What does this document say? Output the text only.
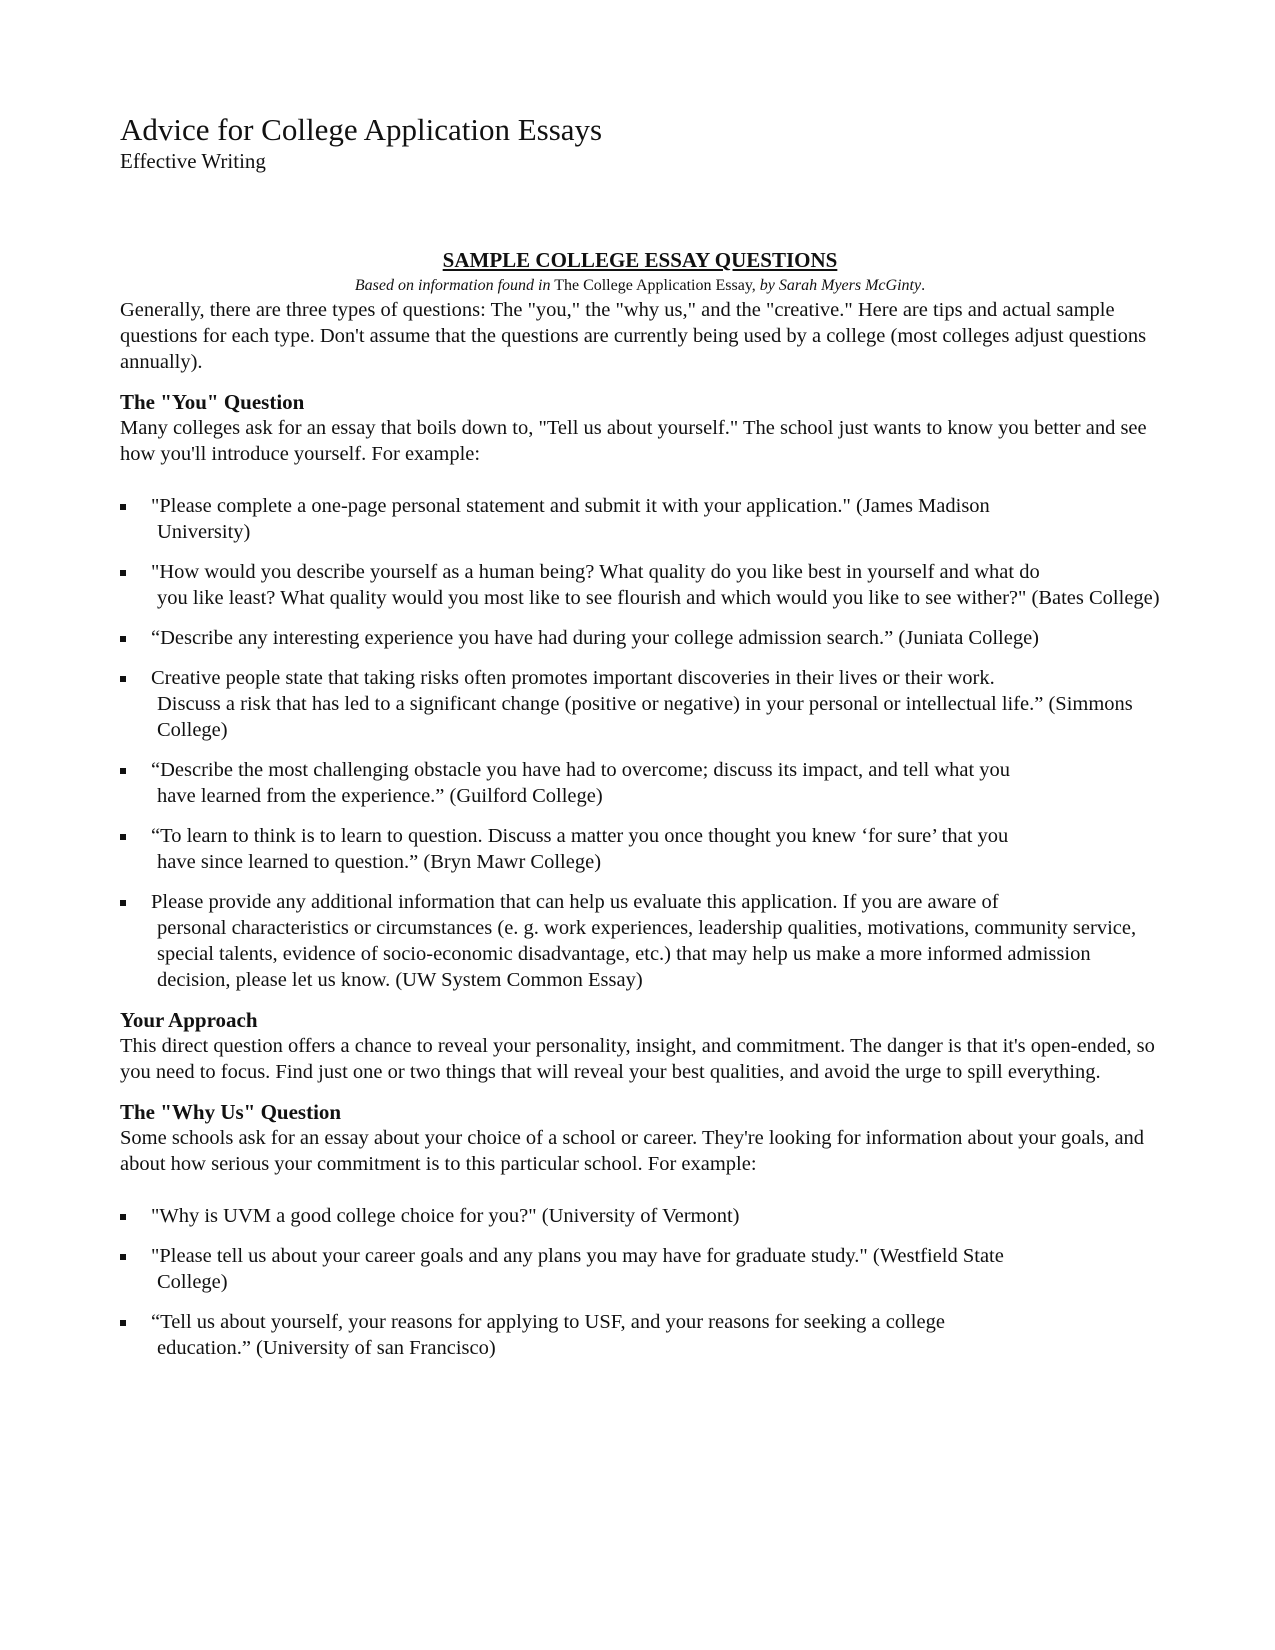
Advice for College Application Essays
Effective Writing
SAMPLE COLLEGE ESSAY QUESTIONS
Based on information found in The College Application Essay, by Sarah Myers McGinty.

Generally, there are three types of questions: The "you," the "why us," and the "creative." Here are tips and actual sample questions for each type. Don't assume that the questions are currently being used by a college (most colleges adjust questions annually).

The "You" Question

Many colleges ask for an essay that boils down to, "Tell us about yourself." The school just wants to know you better and see how you'll introduce yourself. For example:

"Please complete a one-page personal statement and submit it with your application." (James Madison
University)
"How would you describe yourself as a human being? What quality do you like best in yourself and what do
you like least? What quality would you most like to see flourish and which would you like to see wither?" (Bates College)
“Describe any interesting experience you have had during your college admission search.” (Juniata College)
Creative people state that taking risks often promotes important discoveries in their lives or their work.
Discuss a risk that has led to a significant change (positive or negative) in your personal or intellectual life.” (Simmons College)
“Describe the most challenging obstacle you have had to overcome; discuss its impact, and tell what you
have learned from the experience.” (Guilford College)
“To learn to think is to learn to question. Discuss a matter you once thought you knew ‘for sure’ that you
have since learned to question.” (Bryn Mawr College)
Please provide any additional information that can help us evaluate this application. If you are aware of
personal characteristics or circumstances (e. g. work experiences, leadership qualities, motivations, community service, special talents, evidence of socio-economic disadvantage, etc.) that may help us make a more informed admission decision, please let us know. (UW System Common Essay)
Your Approach

This direct question offers a chance to reveal your personality, insight, and commitment. The danger is that it's open-ended, so you need to focus. Find just one or two things that will reveal your best qualities, and avoid the urge to spill everything.

The "Why Us" Question

Some schools ask for an essay about your choice of a school or career. They're looking for information about your goals, and about how serious your commitment is to this particular school. For example:

"Why is UVM a good college choice for you?" (University of Vermont)
"Please tell us about your career goals and any plans you may have for graduate study." (Westfield State
College)
“Tell us about yourself, your reasons for applying to USF, and your reasons for seeking a college
education.” (University of san Francisco)
